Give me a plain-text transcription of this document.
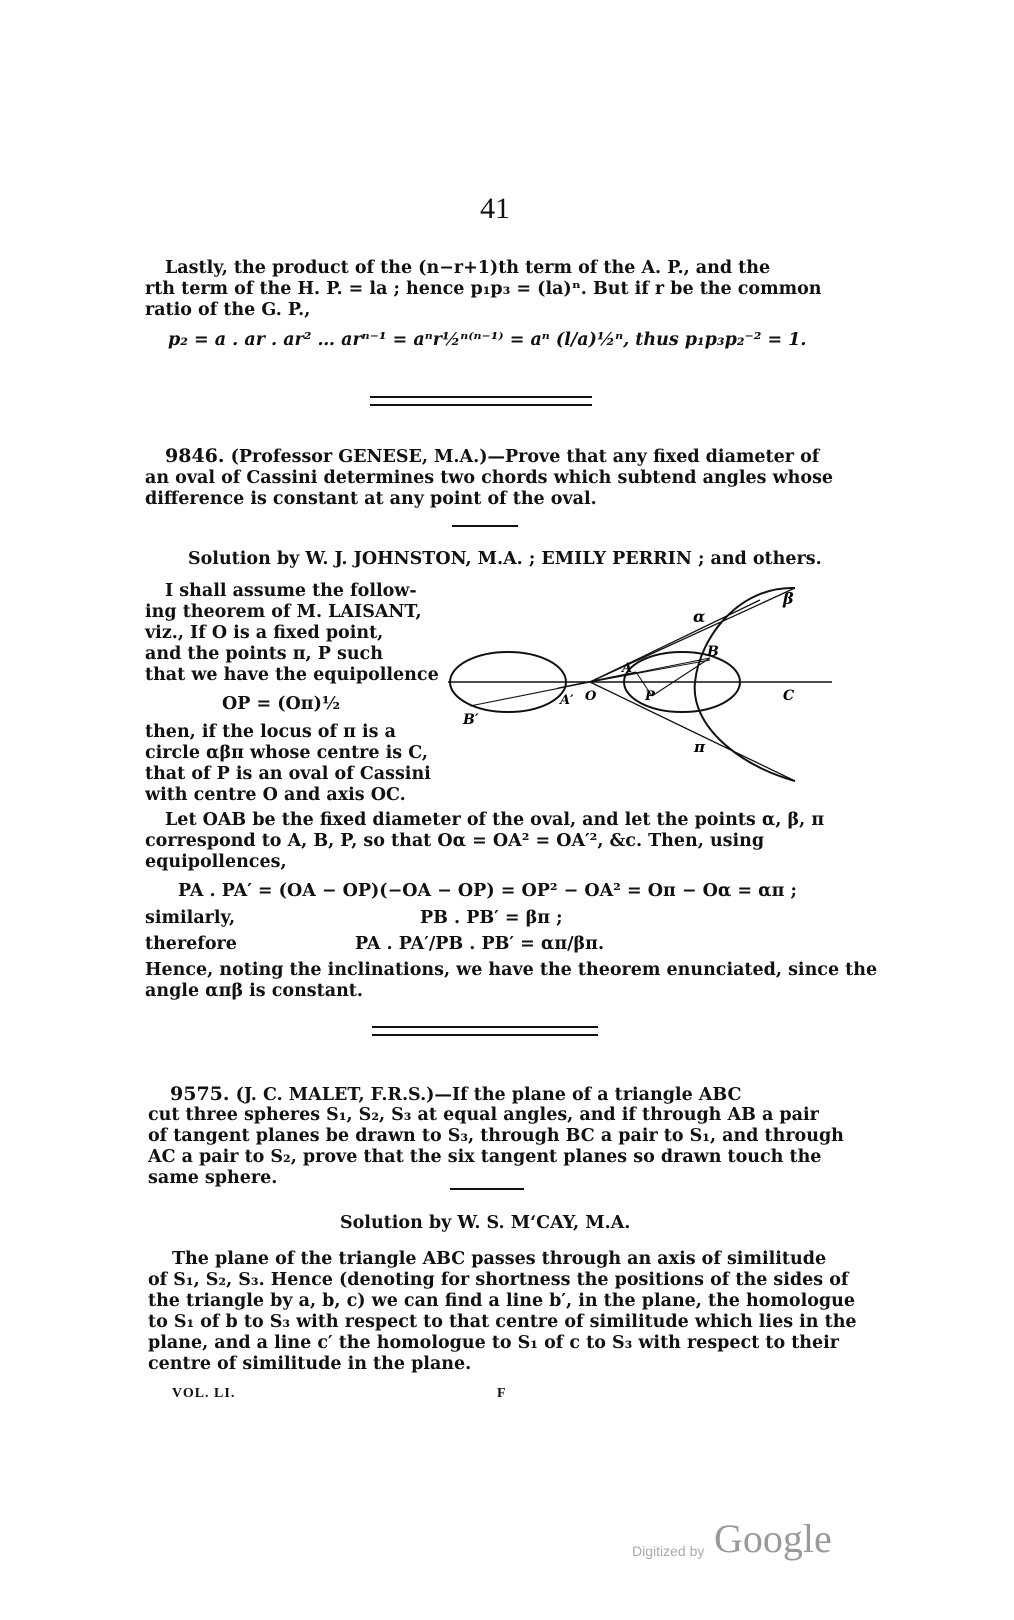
41
Lastly, the product of the (n−r+1)th term of the A. P., and the
rth term of the H. P. = la ; hence p₁p₃ = (la)ⁿ. But if r be the common
ratio of the G. P.,
p₂ = a . ar . ar² … arⁿ⁻¹ = aⁿr½ⁿ⁽ⁿ⁻¹⁾ = aⁿ (l/a)½ⁿ, thus p₁p₃p₂⁻² = 1.
9846. (Professor GENESE, M.A.)—Prove that any fixed diameter of
an oval of Cassini determines two chords which subtend angles whose
difference is constant at any point of the oval.
Solution by W. J. JOHNSTON, M.A. ; EMILY PERRIN ; and others.
I shall assume the follow-
ing theorem of M. LAISANT,
viz., If O is a fixed point,
and the points π, P such
that we have the equipollence
OP = (Oπ)½
then, if the locus of π is a
circle αβπ whose centre is C,
that of P is an oval of Cassini
with centre O and axis OC.
α
β
B
A
A′ O	P	C
B′
π
Let OAB be the fixed diameter of the oval, and let the points α, β, π
correspond to A, B, P, so that Oα = OA² = OA′², &c. Then, using
equipollences,
PA . PA′ = (OA − OP)(−OA − OP) = OP² − OA² = Oπ − Oα = απ ;
similarly,	PB . PB′ = βπ ;
therefore	PA . PA′/PB . PB′ = απ/βπ.
Hence, noting the inclinations, we have the theorem enunciated, since the
angle απβ is constant.
9575. (J. C. MALET, F.R.S.)—If the plane of a triangle ABC
cut three spheres S₁, S₂, S₃ at equal angles, and if through AB a pair
of tangent planes be drawn to S₃, through BC a pair to S₁, and through
AC a pair to S₂, prove that the six tangent planes so drawn touch the
same sphere.
Solution by W. S. M‘CAY, M.A.
The plane of the triangle ABC passes through an axis of similitude
of S₁, S₂, S₃. Hence (denoting for shortness the positions of the sides of
the triangle by a, b, c) we can find a line b′, in the plane, the homologue
to S₁ of b to S₃ with respect to that centre of similitude which lies in the
plane, and a line c′ the homologue to S₁ of c to S₃ with respect to their
centre of similitude in the plane.
VOL. LI.	F
Digitized by Google
